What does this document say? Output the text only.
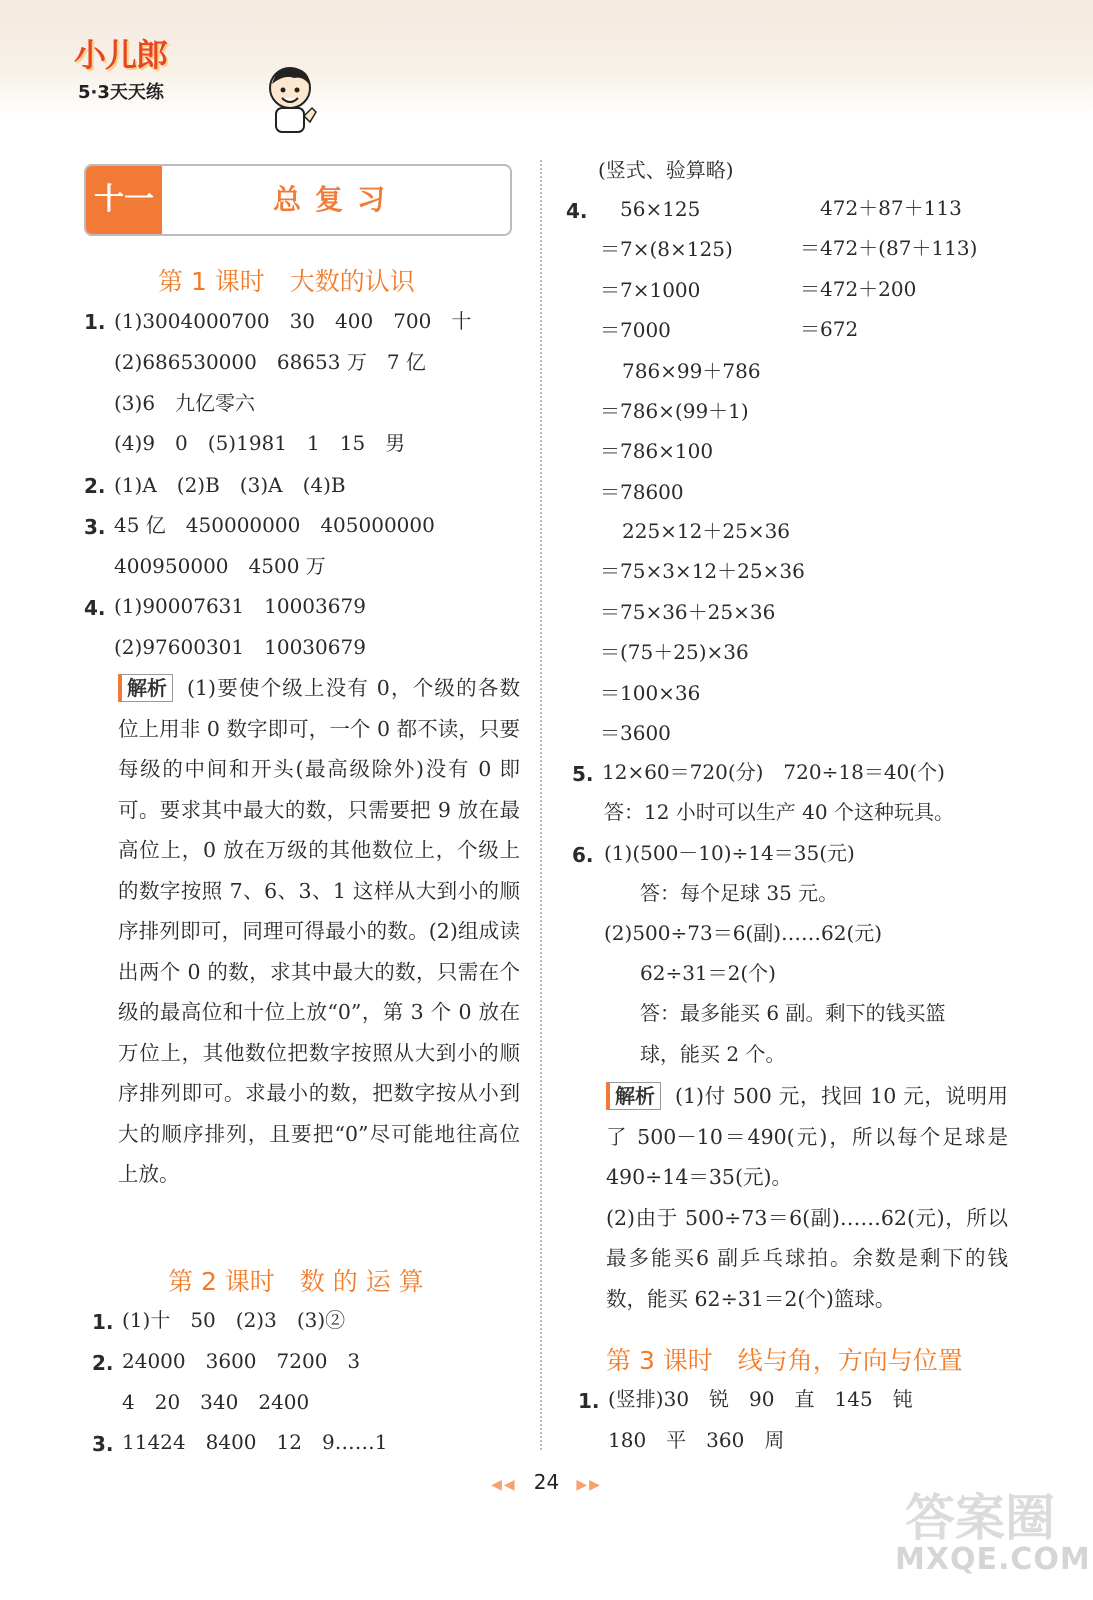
小儿郎
5·3天天练
十一	总复习
第 1 课时　大数的认识
1. (1)3004000700　30　400　700　十
(2)686530000　68653 万　7 亿
(3)6　九亿零六
(4)9　0　(5)1981　1　15　男
2. (1)A　(2)B　(3)A　(4)B
3. 45 亿　450000000　405000000
400950000　4500 万
4. (1)90007631　10003679
(2)97600301　10030679
解析 (1)要使个级上没有 0，个级的各数位上用非 0 数字即可，一个 0 都不读，只要每级的中间和开头(最高级除外)没有 0 即可。要求其中最大的数，只需要把 9 放在最高位上，0 放在万级的其他数位上，个级上的数字按照 7、6、3、1 这样从大到小的顺序排列即可，同理可得最小的数。(2)组成读出两个 0 的数，求其中最大的数，只需在个级的最高位和十位上放“0”，第 3 个 0 放在万位上，其他数位把数字按照从大到小的顺序排列即可。求最小的数，把数字按从小到大的顺序排列，且要把“0”尽可能地往高位上放。
第 2 课时　数 的 运 算
1. (1)十　50　(2)3　(3)②
2. 24000　3600　7200　3
4　20　340　2400
3. 11424　8400　12　9……1
(竖式、验算略)
4. 56×125
＝7×(8×125)
＝7×1000
＝7000
472＋87＋113
＝472＋(87＋113)
＝472＋200
＝672
786×99＋786
＝786×(99＋1)
＝786×100
＝78600
225×12＋25×36
＝75×3×12＋25×36
＝75×36＋25×36
＝(75＋25)×36
＝100×36
＝3600
5. 12×60＝720(分)　720÷18＝40(个)
答：12 小时可以生产 40 个这种玩具。
6. (1)(500－10)÷14＝35(元)
答：每个足球 35 元。
(2)500÷73＝6(副)……62(元)
62÷31＝2(个)
答：最多能买 6 副。剩下的钱买篮
球，能买 2 个。
解析 (1)付 500 元，找回 10 元，说明用了 500－10＝490(元)，所以每个足球是 490÷14＝35(元)。
(2)由于 500÷73＝6(副)……62(元)，所以最多能买6 副乒乓球拍。余数是剩下的钱数，能买 62÷31＝2(个)篮球。
第 3 课时　线与角，方向与位置
1. (竖排)30　锐　90　直　145　钝
180　平　360　周
◀◀ 24 ▶▶
答案圈
MXQE.COM
